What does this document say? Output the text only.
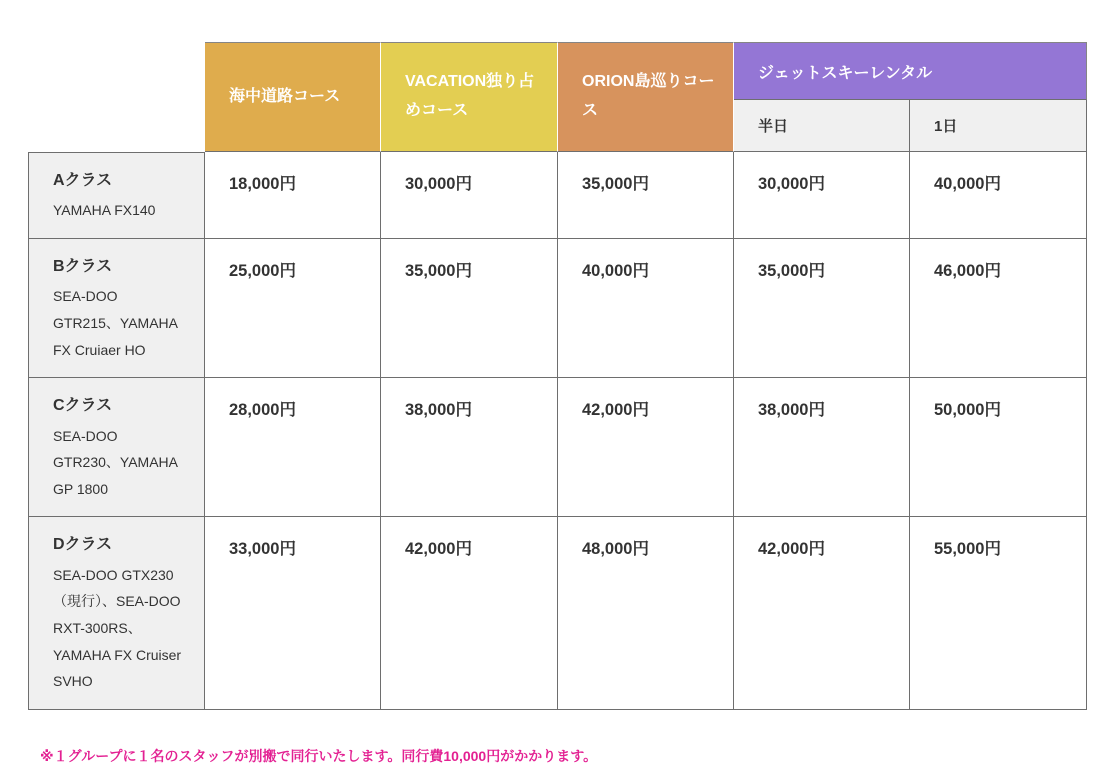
	海中道路コース	VACATION独り占めコース	ORION島巡りコース	ジェットスキーレンタル	
				半日	1日

Aクラス
YAMAHA FX140	18,000円	30,000円	35,000円	30,000円	40,000円

Bクラス
SEA-DOO GTR215、YAMAHA FX Cruiaer HO	25,000円	35,000円	40,000円	35,000円	46,000円

Cクラス
SEA-DOO GTR230、YAMAHA GP 1800	28,000円	38,000円	42,000円	38,000円	50,000円

Dクラス
SEA-DOO GTX230（現行）、SEA-DOO RXT-300RS、YAMAHA FX Cruiser SVHO	33,000円	42,000円	48,000円	42,000円	55,000円

※１グループに１名のスタッフが別搬で同行いたします。同行費10,000円がかかります。
